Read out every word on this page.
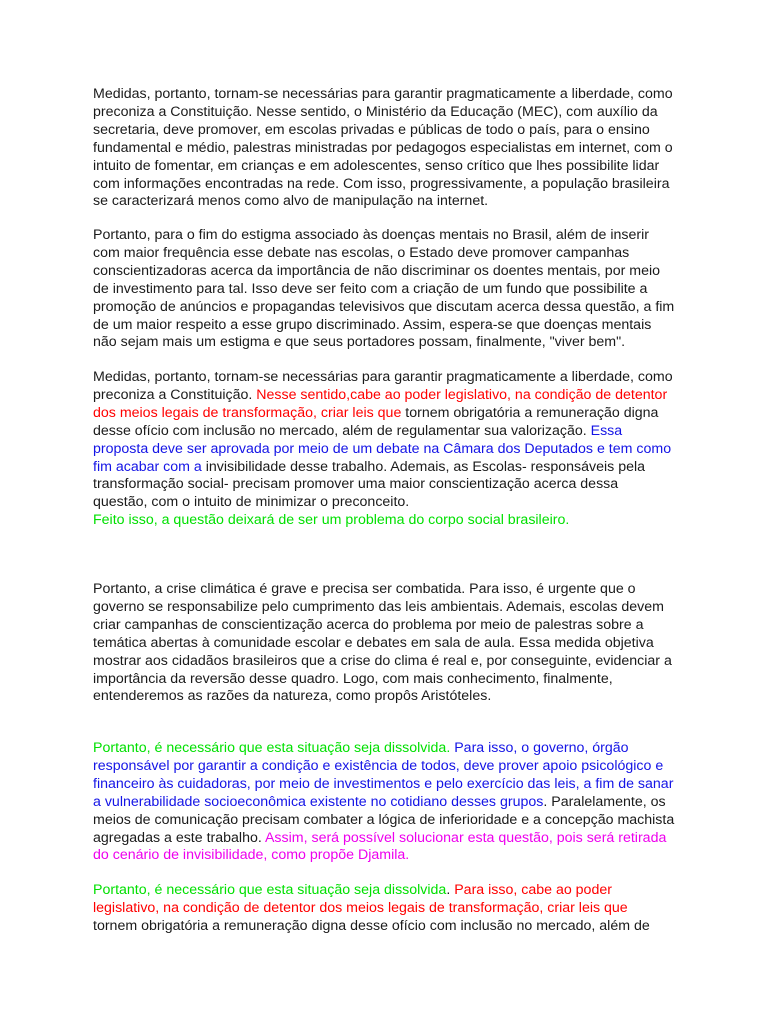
Medidas, portanto, tornam-se necessárias para garantir pragmaticamente a liberdade, como
preconiza a Constituição. Nesse sentido, o Ministério da Educação (MEC), com auxílio da
secretaria, deve promover, em escolas privadas e públicas de todo o país, para o ensino
fundamental e médio, palestras ministradas por pedagogos especialistas em internet, com o
intuito de fomentar, em crianças e em adolescentes, senso crítico que lhes possibilite lidar
com informações encontradas na rede. Com isso, progressivamente, a população brasileira
se caracterizará menos como alvo de manipulação na internet.

Portanto, para o fim do estigma associado às doenças mentais no Brasil, além de inserir
com maior frequência esse debate nas escolas, o Estado deve promover campanhas
conscientizadoras acerca da importância de não discriminar os doentes mentais, por meio
de investimento para tal. Isso deve ser feito com a criação de um fundo que possibilite a
promoção de anúncios e propagandas televisivos que discutam acerca dessa questão, a fim
de um maior respeito a esse grupo discriminado. Assim, espera-se que doenças mentais
não sejam mais um estigma e que seus portadores possam, finalmente, "viver bem".

Medidas, portanto, tornam-se necessárias para garantir pragmaticamente a liberdade, como
preconiza a Constituição. Nesse sentido,cabe ao poder legislativo, na condição de detentor
dos meios legais de transformação, criar leis que tornem obrigatória a remuneração digna
desse ofício com inclusão no mercado, além de regulamentar sua valorização. Essa
proposta deve ser aprovada por meio de um debate na Câmara dos Deputados e tem como
fim acabar com a invisibilidade desse trabalho. Ademais, as Escolas- responsáveis pela
transformação social- precisam promover uma maior conscientização acerca dessa
questão, com o intuito de minimizar o preconceito.
Feito isso, a questão deixará de ser um problema do corpo social brasileiro.

Portanto, a crise climática é grave e precisa ser combatida. Para isso, é urgente que o
governo se responsabilize pelo cumprimento das leis ambientais. Ademais, escolas devem
criar campanhas de conscientização acerca do problema por meio de palestras sobre a
temática abertas à comunidade escolar e debates em sala de aula. Essa medida objetiva
mostrar aos cidadãos brasileiros que a crise do clima é real e, por conseguinte, evidenciar a
importância da reversão desse quadro. Logo, com mais conhecimento, finalmente,
entenderemos as razões da natureza, como propôs Aristóteles.

Portanto, é necessário que esta situação seja dissolvida. Para isso, o governo, órgão
responsável por garantir a condição e existência de todos, deve prover apoio psicológico e
financeiro às cuidadoras, por meio de investimentos e pelo exercício das leis, a fim de sanar
a vulnerabilidade socioeconômica existente no cotidiano desses grupos. Paralelamente, os
meios de comunicação precisam combater a lógica de inferioridade e a concepção machista
agregadas a este trabalho. Assim, será possível solucionar esta questão, pois será retirada
do cenário de invisibilidade, como propõe Djamila.

Portanto, é necessário que esta situação seja dissolvida. Para isso, cabe ao poder
legislativo, na condição de detentor dos meios legais de transformação, criar leis que
tornem obrigatória a remuneração digna desse ofício com inclusão no mercado, além de
